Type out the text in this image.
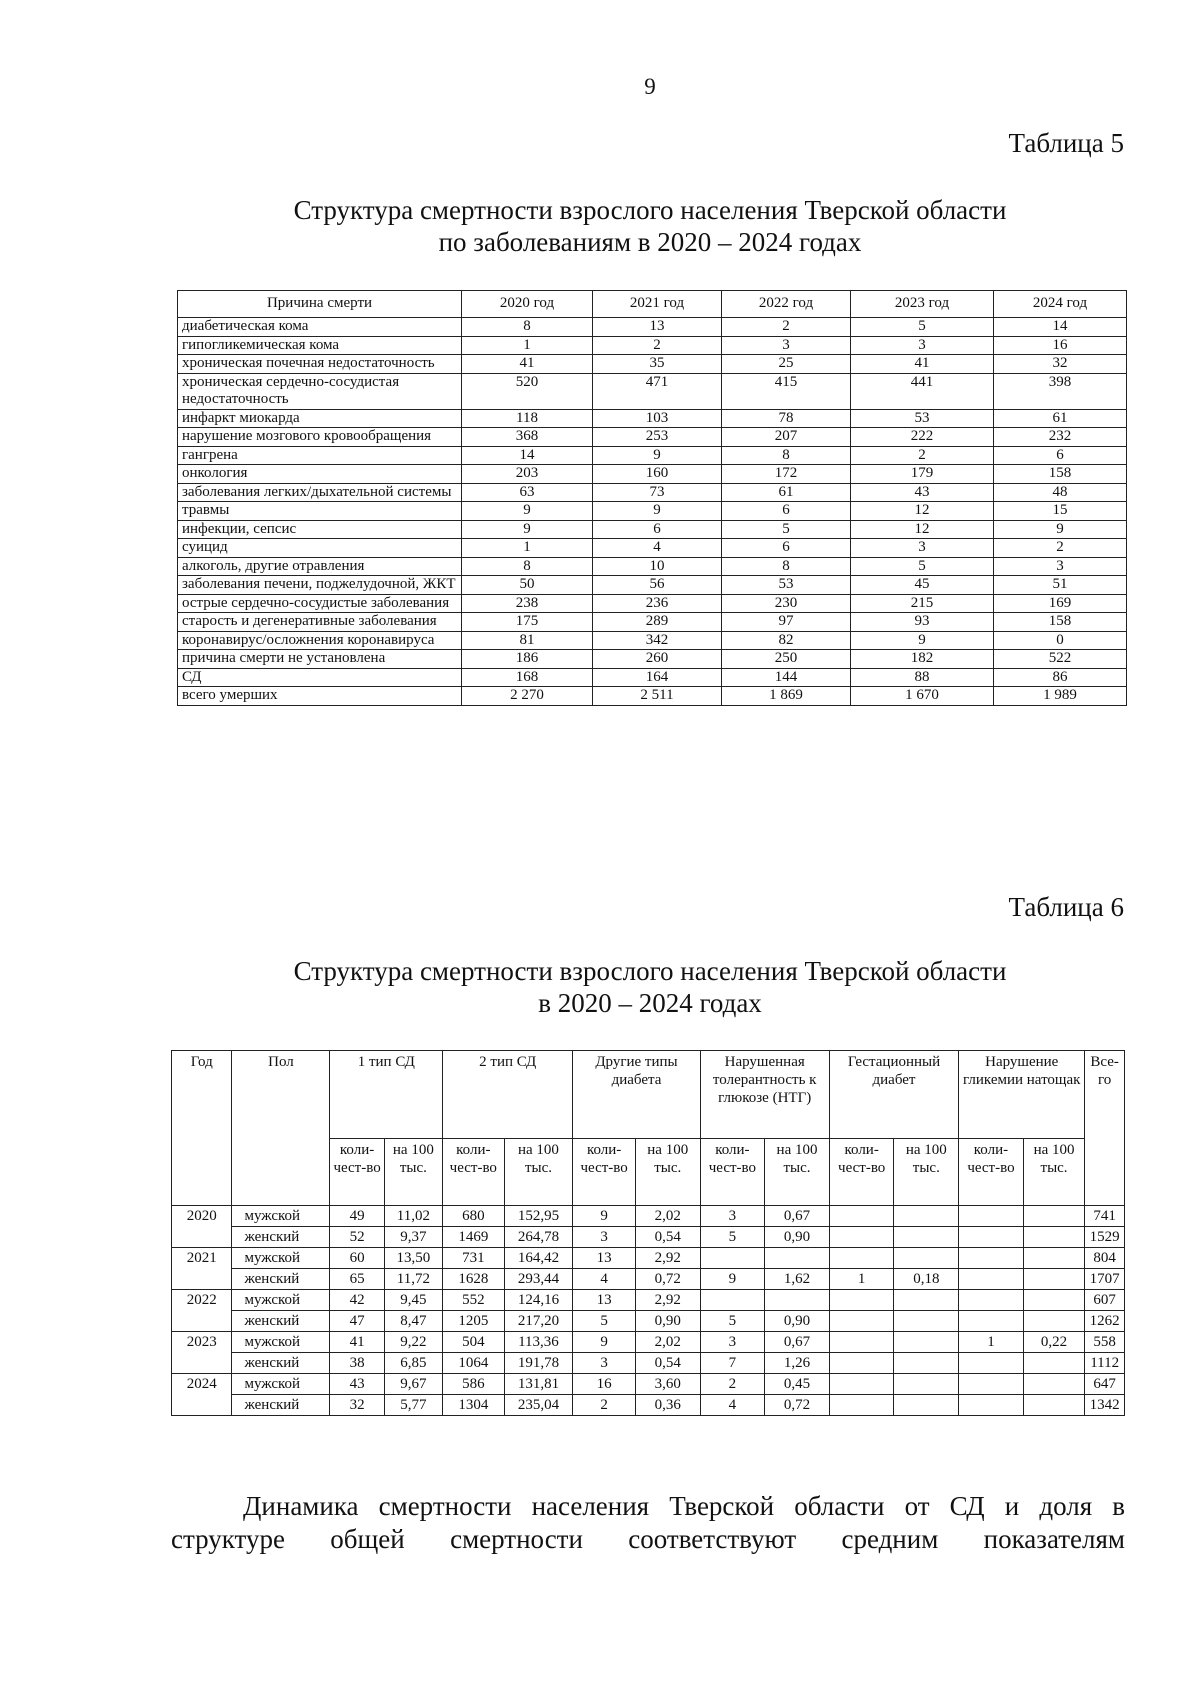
9
Таблица 5
Структура смертности взрослого населения Тверской области
по заболеваниям в 2020 – 2024 годах
Причина смерти	2020 год	2021 год	2022 год	2023 год	2024 год
диабетическая кома	8	13	2	5	14
гипогликемическая кома	1	2	3	3	16
хроническая почечная недостаточность	41	35	25	41	32
хроническая сердечно-сосудистая недостаточность	520	471	415	441	398
инфаркт миокарда	118	103	78	53	61
нарушение мозгового кровообращения	368	253	207	222	232
гангрена	14	9	8	2	6
онкология	203	160	172	179	158
заболевания легких/дыхательной системы	63	73	61	43	48
травмы	9	9	6	12	15
инфекции, сепсис	9	6	5	12	9
суицид	1	4	6	3	2
алкоголь, другие отравления	8	10	8	5	3
заболевания печени, поджелудочной, ЖКТ	50	56	53	45	51
острые сердечно-сосудистые заболевания	238	236	230	215	169
старость и дегенеративные заболевания	175	289	97	93	158
коронавирус/осложнения коронавируса	81	342	82	9	0
причина смерти не установлена	186	260	250	182	522
СД	168	164	144	88	86
всего умерших	2 270	2 511	1 869	1 670	1 989
Таблица 6
Структура смертности взрослого населения Тверской области
в 2020 – 2024 годах
Год	Пол	1 тип СД		2 тип СД		Другие типы диабета		Нарушенная толерантность к глюкозе (НТГ)		Гестационный диабет		Нарушение гликемии натощак		Все-го
		коли-чест-во	на 100 тыс.	коли-чест-во	на 100 тыс.	коли-чест-во	на 100 тыс.	коли-чест-во	на 100 тыс.	коли-чест-во	на 100 тыс.	коли-чест-во	на 100 тыс.	
2020	мужской	49	11,02	680	152,95	9	2,02	3	0,67					741
	женский	52	9,37	1469	264,78	3	0,54	5	0,90					1529
2021	мужской	60	13,50	731	164,42	13	2,92							804
	женский	65	11,72	1628	293,44	4	0,72	9	1,62	1	0,18			1707
2022	мужской	42	9,45	552	124,16	13	2,92							607
	женский	47	8,47	1205	217,20	5	0,90	5	0,90					1262
2023	мужской	41	9,22	504	113,36	9	2,02	3	0,67			1	0,22	558
	женский	38	6,85	1064	191,78	3	0,54	7	1,26					1112
2024	мужской	43	9,67	586	131,81	16	3,60	2	0,45					647
	женский	32	5,77	1304	235,04	2	0,36	4	0,72					1342

Динамика смертности населения Тверской области от СД и доля в структуре общей смертности соответствуют средним показателям
